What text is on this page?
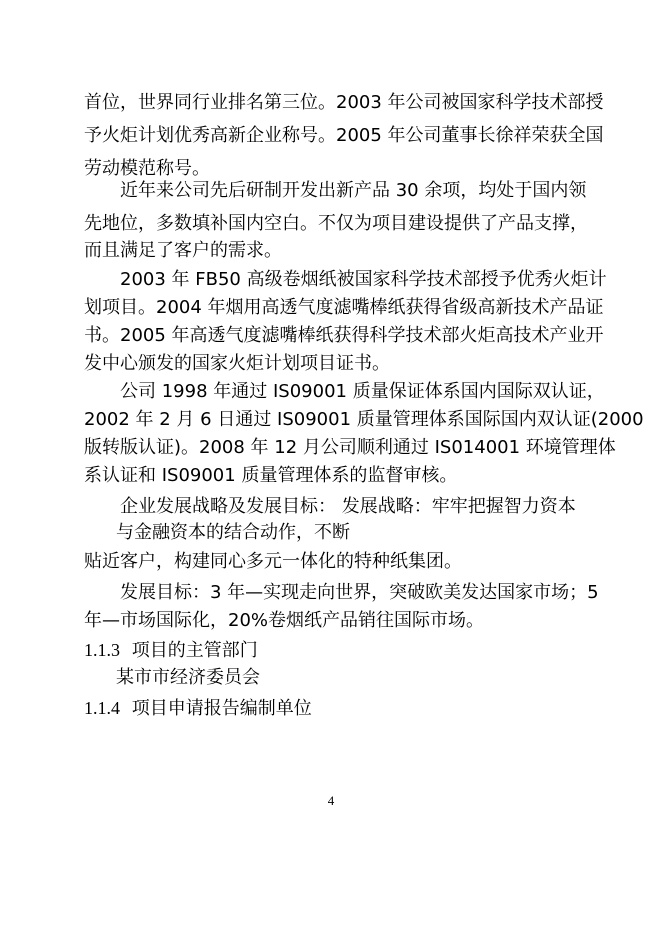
首位，世界同行业排名第三位。2003 年公司被国家科学技术部授
予火炬计划优秀高新企业称号。2005 年公司董事长徐祥荣获全国
劳动模范称号。
近年来公司先后研制开发出新产品 30 余项，均处于国内领
先地位，多数填补国内空白。不仅为项目建设提供了产品支撑，
而且满足了客户的需求。
2003 年 FB50 高级卷烟纸被国家科学技术部授予优秀火炬计
划项目。2004 年烟用高透气度滤嘴棒纸获得省级高新技术产品证
书。2005 年高透气度滤嘴棒纸获得科学技术部火炬高技术产业开
发中心颁发的国家火炬计划项目证书。
公司 1998 年通过 IS09001 质量保证体系国内国际双认证，
2002 年 2 月 6 日通过 IS09001 质量管理体系国际国内双认证(2000
版转版认证)。2008 年 12 月公司顺利通过 IS014001 环境管理体
系认证和 IS09001 质量管理体系的监督审核。
企业发展战略及发展目标： 发展战略：牢牢把握智力资本
与金融资本的结合动作，不断
贴近客户，构建同心多元一体化的特种纸集团。
发展目标：3 年—实现走向世界，突破欧美发达国家市场；5
年—市场国际化，20%卷烟纸产品销往国际市场。
1.1.3 项目的主管部门
某市市经济委员会
1.1.4 项目申请报告编制单位
4
